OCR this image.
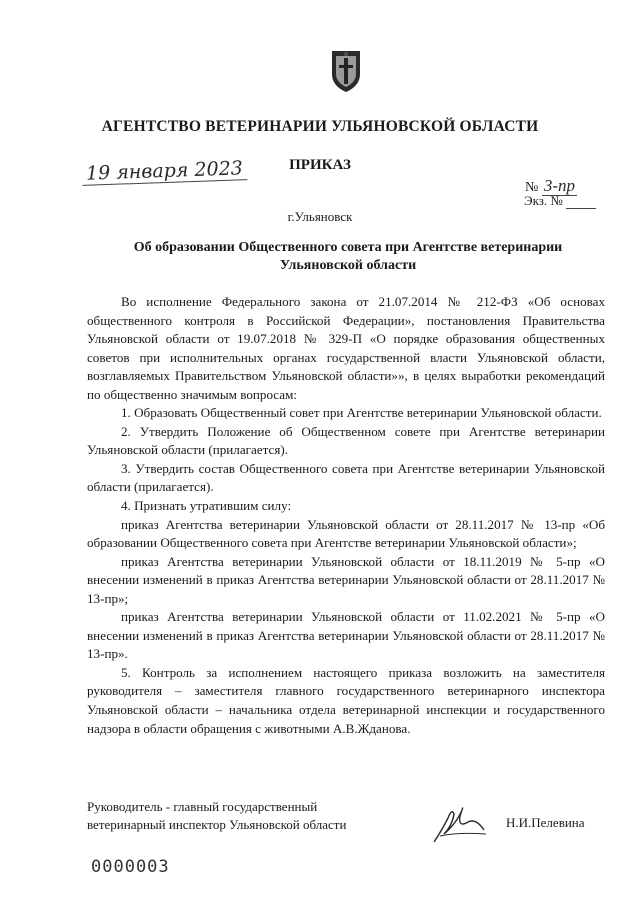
АГЕНТСТВО ВЕТЕРИНАРИИ УЛЬЯНОВСКОЙ ОБЛАСТИ
ПРИКАЗ
19 января 2023
№ 3-пр
Экз. №
г.Ульяновск
Об образовании Общественного совета при Агентстве ветеринарии Ульяновской области

Во исполнение Федерального закона от 21.07.2014 № 212-ФЗ «Об основах общественного контроля в Российской Федерации», постановления Правительства Ульяновской области от 19.07.2018 № 329-П «О порядке образования общественных советов при исполнительных органах государственной власти Ульяновской области, возглавляемых Правительством Ульяновской области»», в целях выработки рекомендаций по общественно значимым вопросам:

1. Образовать Общественный совет при Агентстве ветеринарии Ульяновской области.

2. Утвердить Положение об Общественном совете при Агентстве ветеринарии Ульяновской области (прилагается).

3. Утвердить состав Общественного совета при Агентстве ветеринарии Ульяновской области (прилагается).

4. Признать утратившим силу:

приказ Агентства ветеринарии Ульяновской области от 28.11.2017 № 13-пр «Об образовании Общественного совета при Агентстве ветеринарии Ульяновской области»;

приказ Агентства ветеринарии Ульяновской области от 18.11.2019 № 5-пр «О внесении изменений в приказ Агентства ветеринарии Ульяновской области от 28.11.2017 № 13-пр»;

приказ Агентства ветеринарии Ульяновской области от 11.02.2021 № 5-пр «О внесении изменений в приказ Агентства ветеринарии Ульяновской области от 28.11.2017 № 13-пр».

5. Контроль за исполнением настоящего приказа возложить на заместителя руководителя – заместителя главного государственного ветеринарного инспектора Ульяновской области – начальника отдела ветеринарной инспекции и государственного надзора в области обращения с животными А.В.Жданова.

Руководитель - главный государственный
ветеринарный инспектор Ульяновской области	Н.И.Пелевина
0000003
